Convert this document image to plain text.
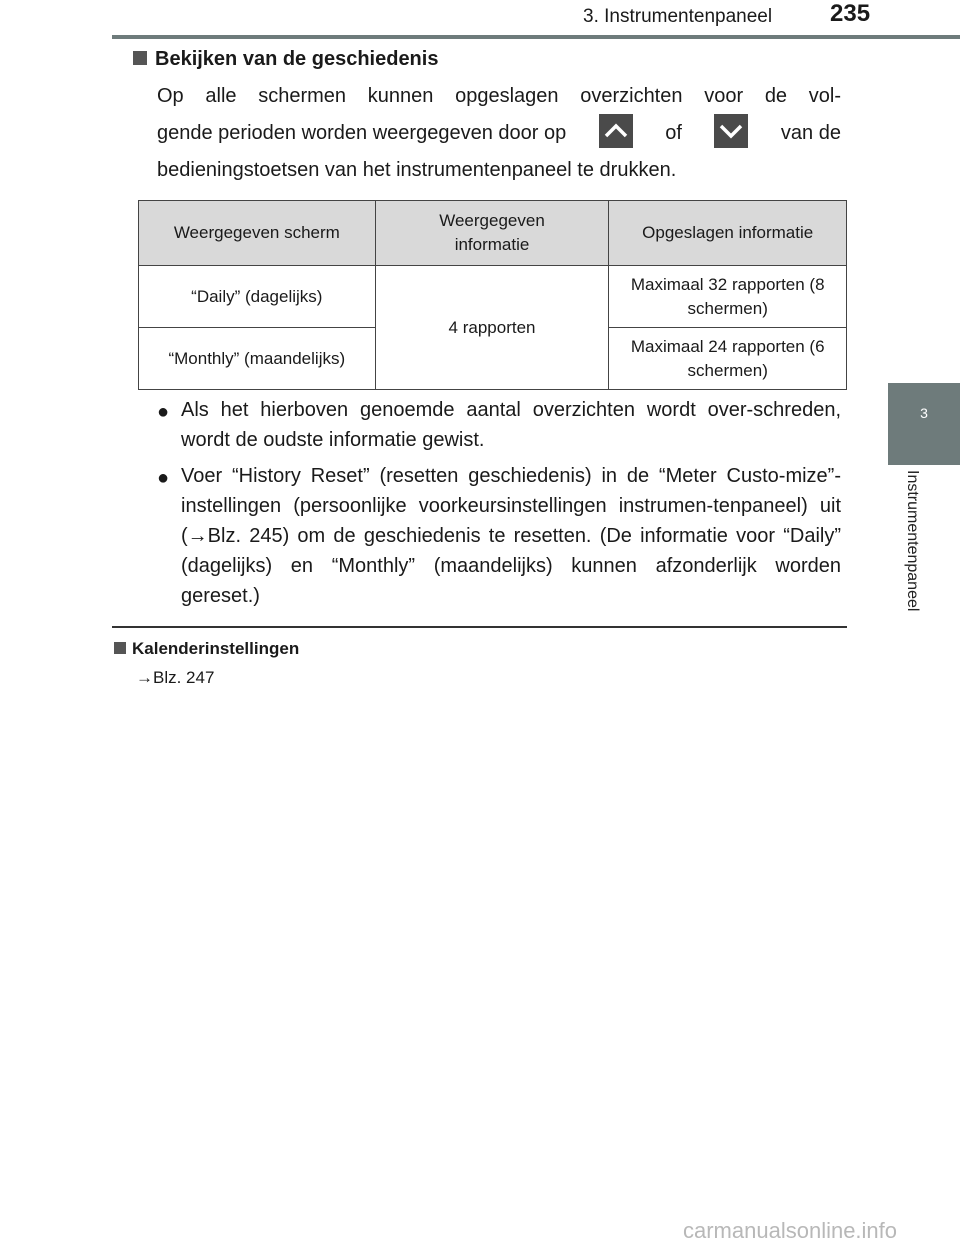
3. Instrumentenpaneel 235
3
Instrumentenpaneel
Bekijken van de geschiedenis

Op alle schermen kunnen opgeslagen overzichten voor de vol-

gende perioden worden weergegeven door op	of	van de

bedieningstoetsen van het instrumentenpaneel te drukken.

Weergegeven scherm	Weergegeven informatie	Opgeslagen informatie
“Daily” (dagelijks)	4 rapporten	Maximaal 32 rapporten (8 schermen)
“Monthly” (maandelijks)		Maximaal 24 rapporten (6 schermen)
● Als het hierboven genoemde aantal overzichten wordt over-schreden, wordt de oudste informatie gewist.
● Voer “History Reset” (resetten geschiedenis) in de “Meter Custo-mize”-instellingen (persoonlijke voorkeursinstellingen instrumen-tenpaneel) uit (→Blz. 245) om de geschiedenis te resetten. (De informatie voor “Daily” (dagelijks) en “Monthly” (maandelijks) kunnen afzonderlijk worden gereset.)
Kalenderinstellingen
→Blz. 247
carmanualsonline.info
